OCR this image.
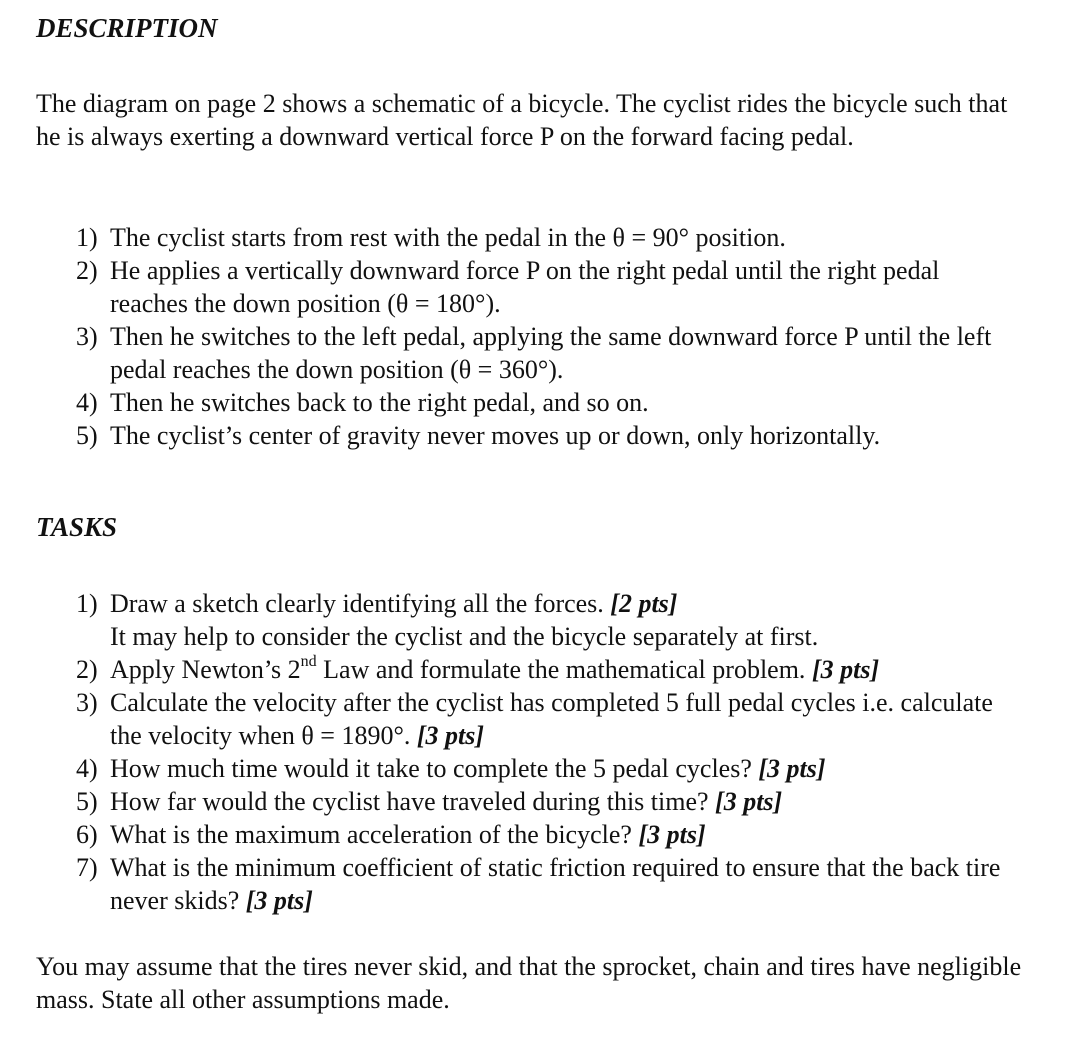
DESCRIPTION

The diagram on page 2 shows a schematic of a bicycle. The cyclist rides the bicycle such that he is always exerting a downward vertical force P on the forward facing pedal.

1) The cyclist starts from rest with the pedal in the θ = 90° position.
2) He applies a vertically downward force P on the right pedal until the right pedal reaches the down position (θ = 180°).
3) Then he switches to the left pedal, applying the same downward force P until the left pedal reaches the down position (θ = 360°).
4) Then he switches back to the right pedal, and so on.
5) The cyclist’s center of gravity never moves up or down, only horizontally.
TASKS
1) Draw a sketch clearly identifying all the forces. [2 pts]
It may help to consider the cyclist and the bicycle separately at first.
2) Apply Newton’s 2nd Law and formulate the mathematical problem. [3 pts]
3) Calculate the velocity after the cyclist has completed 5 full pedal cycles i.e. calculate the velocity when θ = 1890°. [3 pts]
4) How much time would it take to complete the 5 pedal cycles? [3 pts]
5) How far would the cyclist have traveled during this time? [3 pts]
6) What is the maximum acceleration of the bicycle? [3 pts]
7) What is the minimum coefficient of static friction required to ensure that the back tire never skids? [3 pts]

You may assume that the tires never skid, and that the sprocket, chain and tires have negligible mass. State all other assumptions made.
